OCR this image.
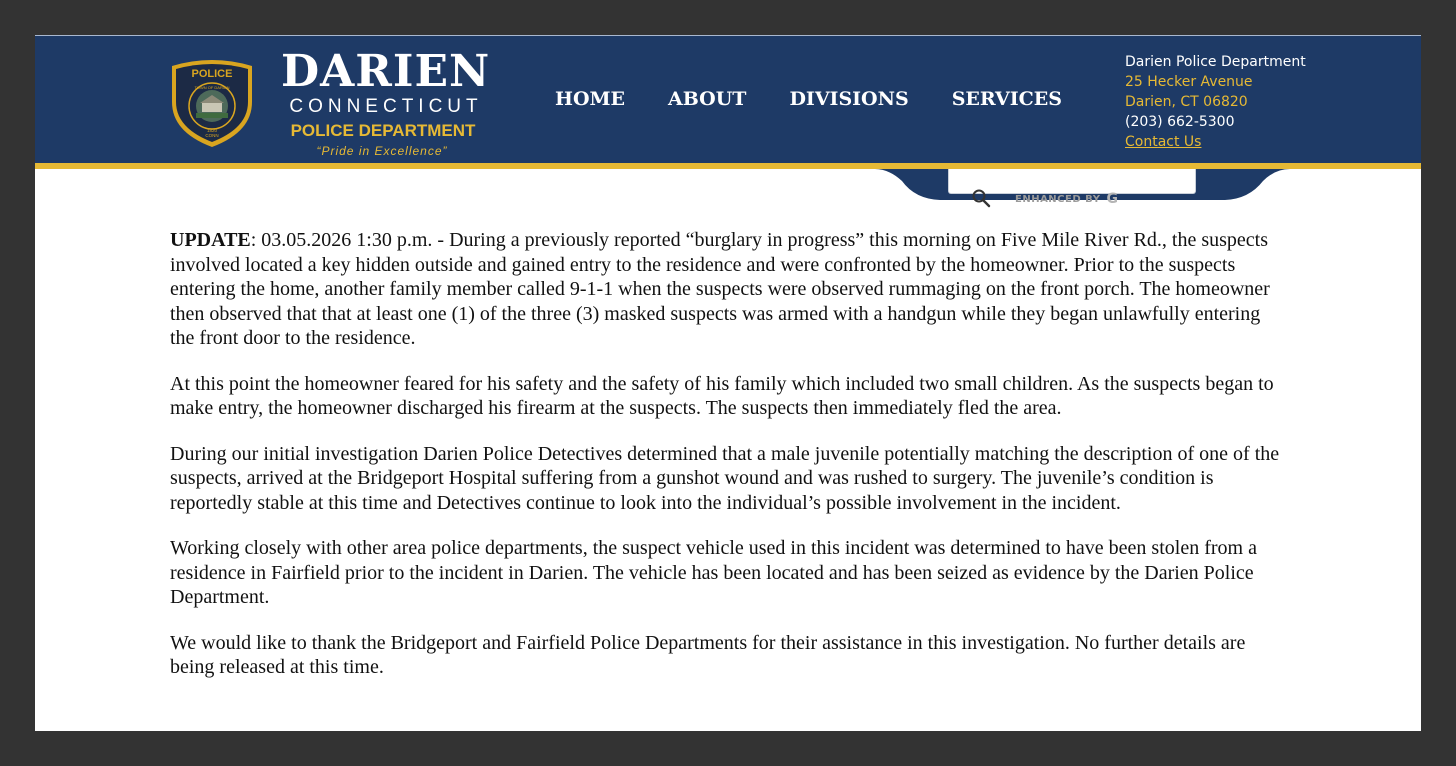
POLICE
TOWN OF DARIEN
1820
CONN
DARIEN
CONNECTICUT
POLICE DEPARTMENT
“Pride in Excellence”
HOME ABOUT DIVISIONS SERVICES
Darien Police Department
25 Hecker Avenue
Darien, CT 06820
(203) 662-5300
Contact Us
ENHANCED BY G

UPDATE: 03.05.2026 1:30 p.m. - During a previously reported “burglary in progress” this morning on Five Mile River Rd., the suspects involved located a key hidden outside and gained entry to the residence and were confronted by the homeowner. Prior to the suspects entering the home, another family member called 9-1-1 when the suspects were observed rummaging on the front porch. The homeowner then observed that that at least one (1) of the three (3) masked suspects was armed with a handgun while they began unlawfully entering the front door to the residence.

At this point the homeowner feared for his safety and the safety of his family which included two small children. As the suspects began to make entry, the homeowner discharged his firearm at the suspects. The suspects then immediately fled the area.

During our initial investigation Darien Police Detectives determined that a male juvenile potentially matching the description of one of the suspects, arrived at the Bridgeport Hospital suffering from a gunshot wound and was rushed to surgery. The juvenile’s condition is reportedly stable at this time and Detectives continue to look into the individual’s possible involvement in the incident.

Working closely with other area police departments, the suspect vehicle used in this incident was determined to have been stolen from a residence in Fairfield prior to the incident in Darien. The vehicle has been located and has been seized as evidence by the Darien Police Department.

We would like to thank the Bridgeport and Fairfield Police Departments for their assistance in this investigation. No further details are being released at this time.
